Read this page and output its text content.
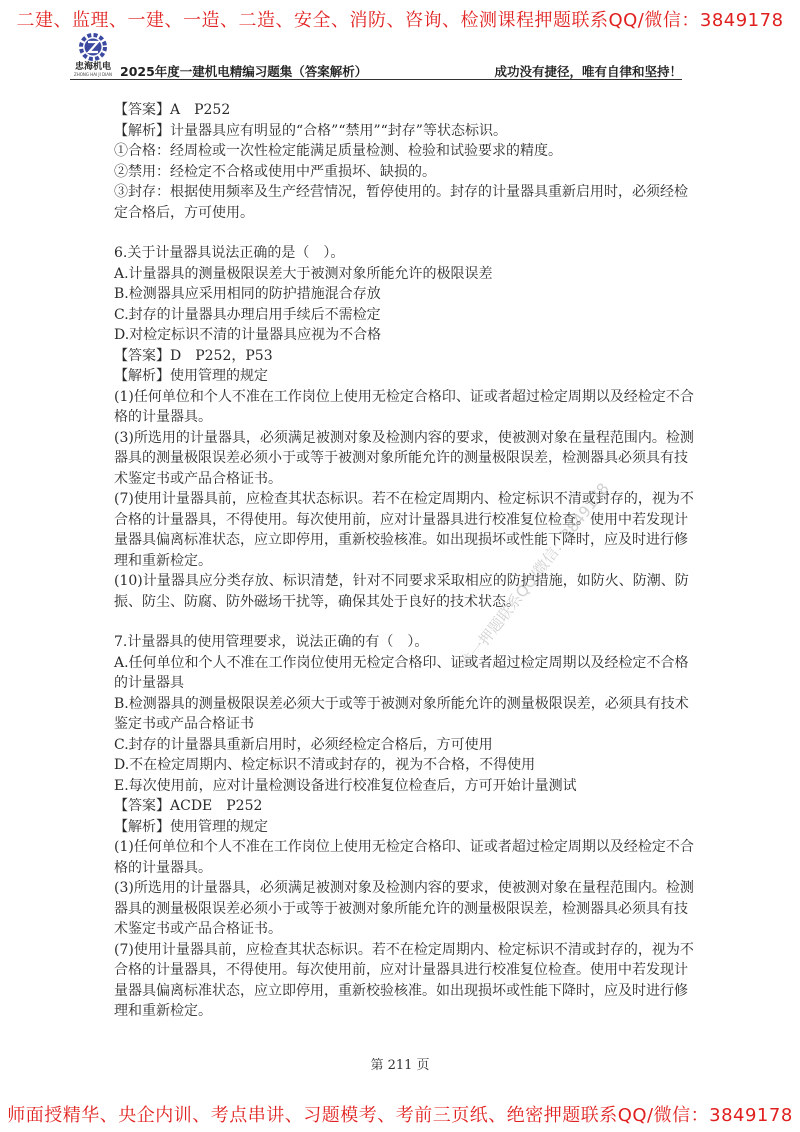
二建、监理、一建、一造、二造、安全、消防、咨询、检测课程押题联系QQ/微信：3849178
忠海机电
ZHONG HAI JI DIAN 2025年度一建机电精编习题集（答案解析）	成功没有捷径，唯有自律和坚持！

【答案】A　P252

【解析】计量器具应有明显的“合格”“禁用”“封存”等状态标识。

①合格：经周检或一次性检定能满足质量检测、检验和试验要求的精度。

②禁用：经检定不合格或使用中严重损坏、缺损的。

③封存：根据使用频率及生产经营情况，暂停使用的。封存的计量器具重新启用时，必须经检定合格后，方可使用。

6.关于计量器具说法正确的是（　）。

A.计量器具的测量极限误差大于被测对象所能允许的极限误差

B.检测器具应采用相同的防护措施混合存放

C.封存的计量器具办理启用手续后不需检定

D.对检定标识不清的计量器具应视为不合格

【答案】D　P252，P53

【解析】使用管理的规定

(1)任何单位和个人不准在工作岗位上使用无检定合格印、证或者超过检定周期以及经检定不合格的计量器具。

(3)所选用的计量器具，必须满足被测对象及检测内容的要求，使被测对象在量程范围内。检测器具的测量极限误差必须小于或等于被测对象所能允许的测量极限误差，检测器具必须具有技术鉴定书或产品合格证书。

(7)使用计量器具前，应检查其状态标识。若不在检定周期内、检定标识不清或封存的，视为不合格的计量器具，不得使用。每次使用前，应对计量器具进行校准复位检查。使用中若发现计量器具偏离标准状态，应立即停用，重新校验核准。如出现损坏或性能下降时，应及时进行修理和重新检定。

(10)计量器具应分类存放、标识清楚，针对不同要求采取相应的防护措施，如防火、防潮、防振、防尘、防腐、防外磁场干扰等，确保其处于良好的技术状态。

7.计量器具的使用管理要求，说法正确的有（　）。

A.任何单位和个人不准在工作岗位使用无检定合格印、证或者超过检定周期以及经检定不合格的计量器具

B.检测器具的测量极限误差必须大于或等于被测对象所能允许的测量极限误差，必须具有技术鉴定书或产品合格证书

C.封存的计量器具重新启用时，必须经检定合格后，方可使用

D.不在检定周期内、检定标识不清或封存的，视为不合格，不得使用

E.每次使用前，应对计量检测设备进行校准复位检查后，方可开始计量测试

【答案】ACDE　P252

【解析】使用管理的规定

(1)任何单位和个人不准在工作岗位上使用无检定合格印、证或者超过检定周期以及经检定不合格的计量器具。

(3)所选用的计量器具，必须满足被测对象及检测内容的要求，使被测对象在量程范围内。检测器具的测量极限误差必须小于或等于被测对象所能允许的测量极限误差，检测器具必须具有技术鉴定书或产品合格证书。

(7)使用计量器具前，应检查其状态标识。若不在检定周期内、检定标识不清或封存的，视为不合格的计量器具，不得使用。每次使用前，应对计量器具进行校准复位检查。使用中若发现计量器具偏离标准状态，应立即停用，重新校验核准。如出现损坏或性能下降时，应及时进行修理和重新检定。

唯一押题联系QQ/微信：3849178
第 211 页
师面授精华、央企内训、考点串讲、习题模考、考前三页纸、绝密押题联系QQ/微信：3849178
